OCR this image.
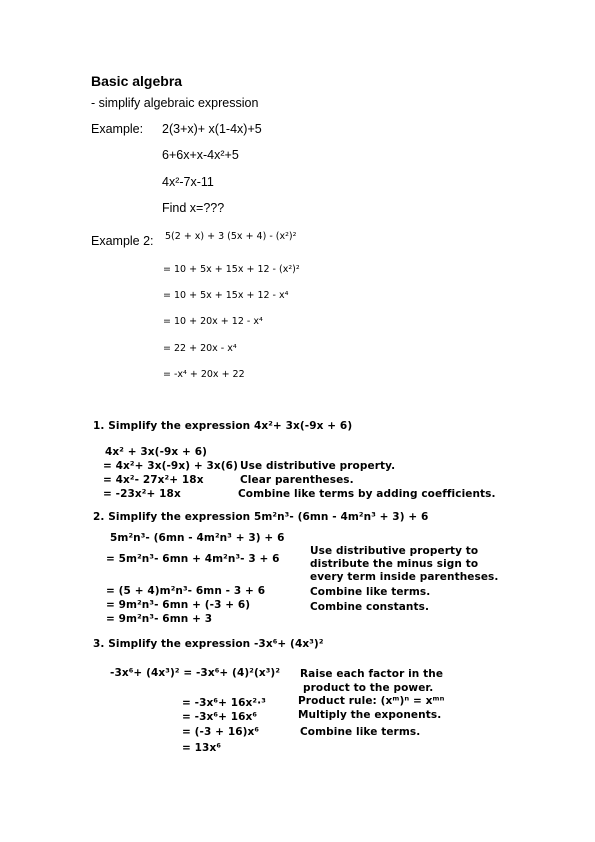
Basic algebra
- simplify algebraic expression
Example: 2(3+x)+ x(1-4x)+5
6+6x+x-4x²+5
4x²-7x-11
Find x=???
Example 2: 5(2 + x) + 3 (5x + 4) - (x²)²
= 10 + 5x + 15x + 12 - (x²)²
= 10 + 5x + 15x + 12 - x⁴
= 10 + 20x + 12 - x⁴
= 22 + 20x - x⁴
= -x⁴ + 20x + 22
1. Simplify the expression 4x²+ 3x(-9x + 6)
4x² + 3x(-9x + 6)
= 4x²+ 3x(-9x) + 3x(6) Use distributive property.
= 4x²- 27x²+ 18x	Clear parentheses.
= -23x²+ 18x	Combine like terms by adding coefficients.
2. Simplify the expression 5m²n³- (6mn - 4m²n³ + 3) + 6
5m²n³- (6mn - 4m²n³ + 3) + 6
= 5m²n³- 6mn + 4m²n³- 3 + 6
Use distributive property to
distribute the minus sign to
every term inside parentheses.
= (5 + 4)m²n³- 6mn - 3 + 6	Combine like terms.
= 9m²n³- 6mn + (-3 + 6)	Combine constants.
= 9m²n³- 6mn + 3
3. Simplify the expression -3x⁶+ (4x³)²
-3x⁶+ (4x³)² = -3x⁶+ (4)²(x³)² Raise each factor in the
product to the power.
= -3x⁶+ 16x²·³	Product rule: (xᵐ)ⁿ = xᵐⁿ
= -3x⁶+ 16x⁶	Multiply the exponents.
= (-3 + 16)x⁶	Combine like terms.
= 13x⁶
